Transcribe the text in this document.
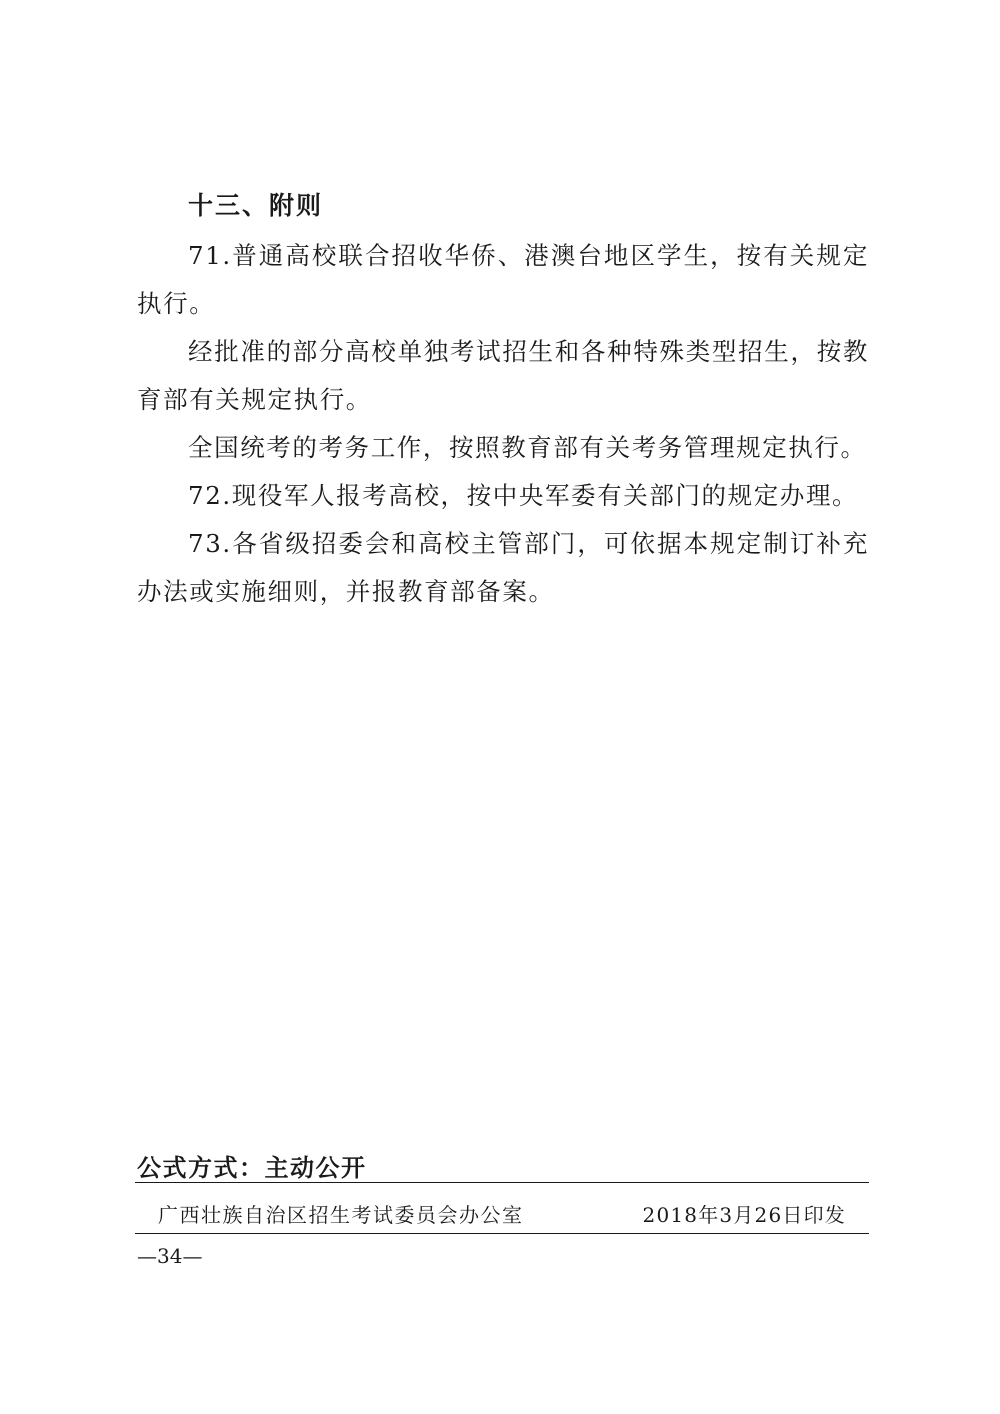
十三、附则

71.普通高校联合招收华侨、港澳台地区学生，按有关规定执行。

经批准的部分高校单独考试招生和各种特殊类型招生，按教育部有关规定执行。

全国统考的考务工作，按照教育部有关考务管理规定执行。

72.现役军人报考高校，按中央军委有关部门的规定办理。

73.各省级招委会和高校主管部门，可依据本规定制订补充办法或实施细则，并报教育部备案。

公式方式：主动公开

广西壮族自治区招生考试委员会办公室	2018年3月26日印发
—34—
